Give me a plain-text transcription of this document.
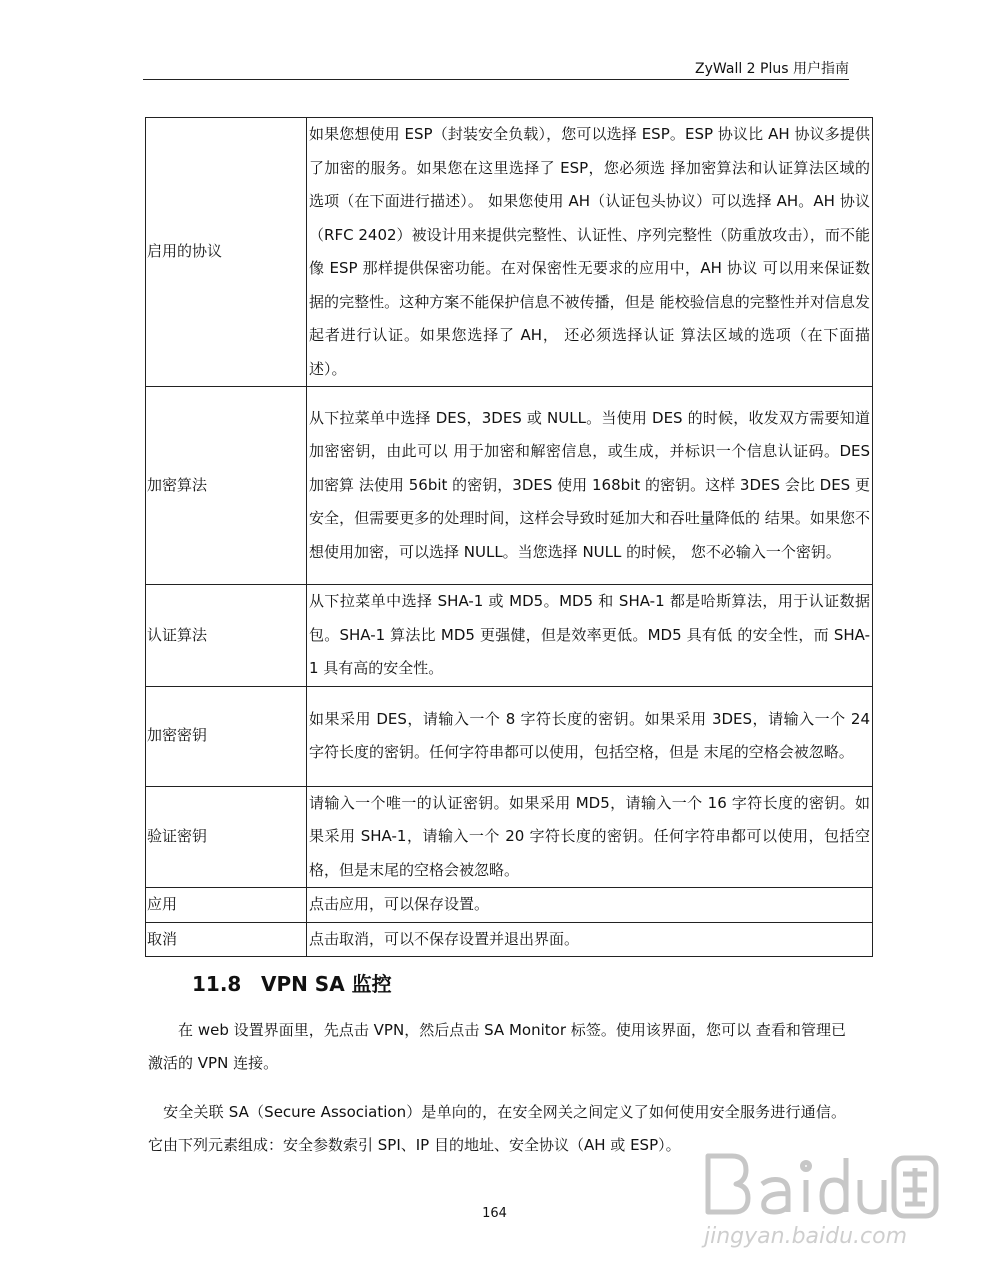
ZyWall 2 Plus 用户指南
启用的协议	如果您想使用 ESP（封装安全负载），您可以选择 ESP。ESP 协议比 AH 协议多提供了加密的服务。如果您在这里选择了 ESP，您必须选 择加密算法和认证算法区域的选项（在下面进行描述）。 如果您使用 AH（认证包头协议）可以选择 AH。AH 协议（RFC 2402）被设计用来提供完整性、认证性、序列完整性（防重放攻击），而不能像 ESP 那样提供保密功能。在对保密性无要求的应用中，AH 协议 可以用来保证数据的完整性。这种方案不能保护信息不被传播，但是 能校验信息的完整性并对信息发起者进行认证。如果您选择了 AH， 还必须选择认证 算法区域的选项（在下面描述）。
加密算法	从下拉菜单中选择 DES，3DES 或 NULL。当使用 DES 的时候，收发双方需要知道加密密钥，由此可以 用于加密和解密信息，或生成，并标识一个信息认证码。DES 加密算 法使用 56bit 的密钥，3DES 使用 168bit 的密钥。这样 3DES 会比 DES 更 安全，但需要更多的处理时间，这样会导致时延加大和吞吐量降低的 结果。如果您不想使用加密，可以选择 NULL。当您选择 NULL 的时候， 您不必输入一个密钥。
认证算法	从下拉菜单中选择 SHA-1 或 MD5。MD5 和 SHA-1 都是哈斯算法，用于认证数据包。SHA-1 算法比 MD5 更强健，但是效率更低。MD5 具有低 的安全性，而 SHA-1 具有高的安全性。
加密密钥	如果采用 DES，请输入一个 8 字符长度的密钥。如果采用 3DES，请输入一个 24 字符长度的密钥。任何字符串都可以使用，包括空格，但是 末尾的空格会被忽略。
验证密钥	请输入一个唯一的认证密钥。如果采用 MD5，请输入一个 16 字符长度的密钥。如果采用 SHA-1，请输入一个 20 字符长度的密钥。任何字符串都可以使用，包括空格，但是末尾的空格会被忽略。
应用	点击应用，可以保存设置。
取消	点击取消，可以不保存设置并退出界面。
11.8 VPN SA 监控

　　在 web 设置界面里，先点击 VPN，然后点击 SA Monitor 标签。使用该界面，您可以 查看和管理已激活的 VPN 连接。

　安全关联 SA（Secure Association）是单向的，在安全网关之间定义了如何使用安全服务进行通信。它由下列元素组成：安全参数索引 SPI、IP 目的地址、安全协议（AH 或 ESP）。

164
jingyan.baidu.com
